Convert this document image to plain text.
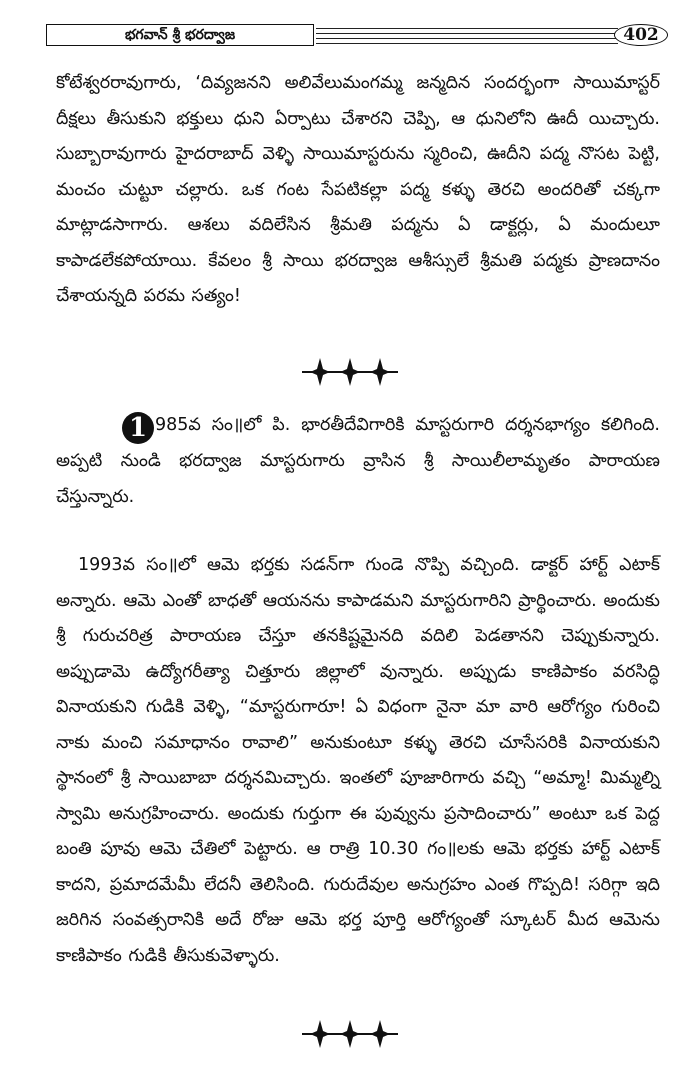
భగవాన్ శ్రీ భరద్వాజ	402

కోటేశ్వరరావుగారు, ‘దివ్యజనని అలివేలుమంగమ్మ జన్మదిన సందర్భంగా సాయిమాస్టర్ దీక్షలు తీసుకుని భక్తులు ధుని ఏర్పాటు చేశారని చెప్పి, ఆ ధునిలోని ఊదీ యిచ్చారు. సుబ్బారావుగారు హైదరాబాద్ వెళ్ళి సాయిమాస్టరును స్మరించి, ఊదీని పద్మ నొసట పెట్టి, మంచం చుట్టూ చల్లారు. ఒక గంట సేపటికల్లా పద్మ కళ్ళు తెరచి అందరితో చక్కగా మాట్లాడసాగారు. ఆశలు వదిలేసిన శ్రీమతి పద్మను ఏ డాక్టర్లు, ఏ మందులూ కాపాడలేకపోయాయి. కేవలం శ్రీ సాయి భరద్వాజ ఆశీస్సులే శ్రీమతి పద్మకు ప్రాణదానం చేశాయన్నది పరమ సత్యం!

1 985వ సం॥లో పి. భారతీదేవిగారికి మాస్టరుగారి దర్శనభాగ్యం కలిగింది. అప్పటి నుండి భరద్వాజ మాస్టరుగారు వ్రాసిన శ్రీ సాయిలీలామృతం పారాయణ చేస్తున్నారు.

1993వ సం॥లో ఆమె భర్తకు సడన్‌గా గుండె నొప్పి వచ్చింది. డాక్టర్ హార్ట్ ఎటాక్ అన్నారు. ఆమె ఎంతో బాధతో ఆయనను కాపాడమని మాస్టరుగారిని ప్రార్థించారు. అందుకు శ్రీ గురుచరిత్ర పారాయణ చేస్తూ తనకిష్టమైనది వదిలి పెడతానని చెప్పుకున్నారు. అప్పుడామె ఉద్యోగరీత్యా చిత్తూరు జిల్లాలో వున్నారు. అప్పుడు కాణిపాకం వరసిద్ధి వినాయకుని గుడికి వెళ్ళి, “మాస్టరుగారూ! ఏ విధంగా నైనా మా వారి ఆరోగ్యం గురించి నాకు మంచి సమాధానం రావాలి” అనుకుంటూ కళ్ళు తెరచి చూసేసరికి వినాయకుని స్థానంలో శ్రీ సాయిబాబా దర్శనమిచ్చారు. ఇంతలో పూజారిగారు వచ్చి “అమ్మా! మిమ్మల్ని స్వామి అనుగ్రహించారు. అందుకు గుర్తుగా ఈ పువ్వును ప్రసాదించారు” అంటూ ఒక పెద్ద బంతి పూవు ఆమె చేతిలో పెట్టారు. ఆ రాత్రి 10.30 గం॥లకు ఆమె భర్తకు హార్ట్ ఎటాక్ కాదని, ప్రమాదమేమీ లేదనీ తెలిసింది. గురుదేవుల అనుగ్రహం ఎంత గొప్పది! సరిగ్గా ఇది జరిగిన సంవత్సరానికి అదే రోజు ఆమె భర్త పూర్తి ఆరోగ్యంతో స్కూటర్ మీద ఆమెను కాణిపాకం గుడికి తీసుకువెళ్ళారు.
